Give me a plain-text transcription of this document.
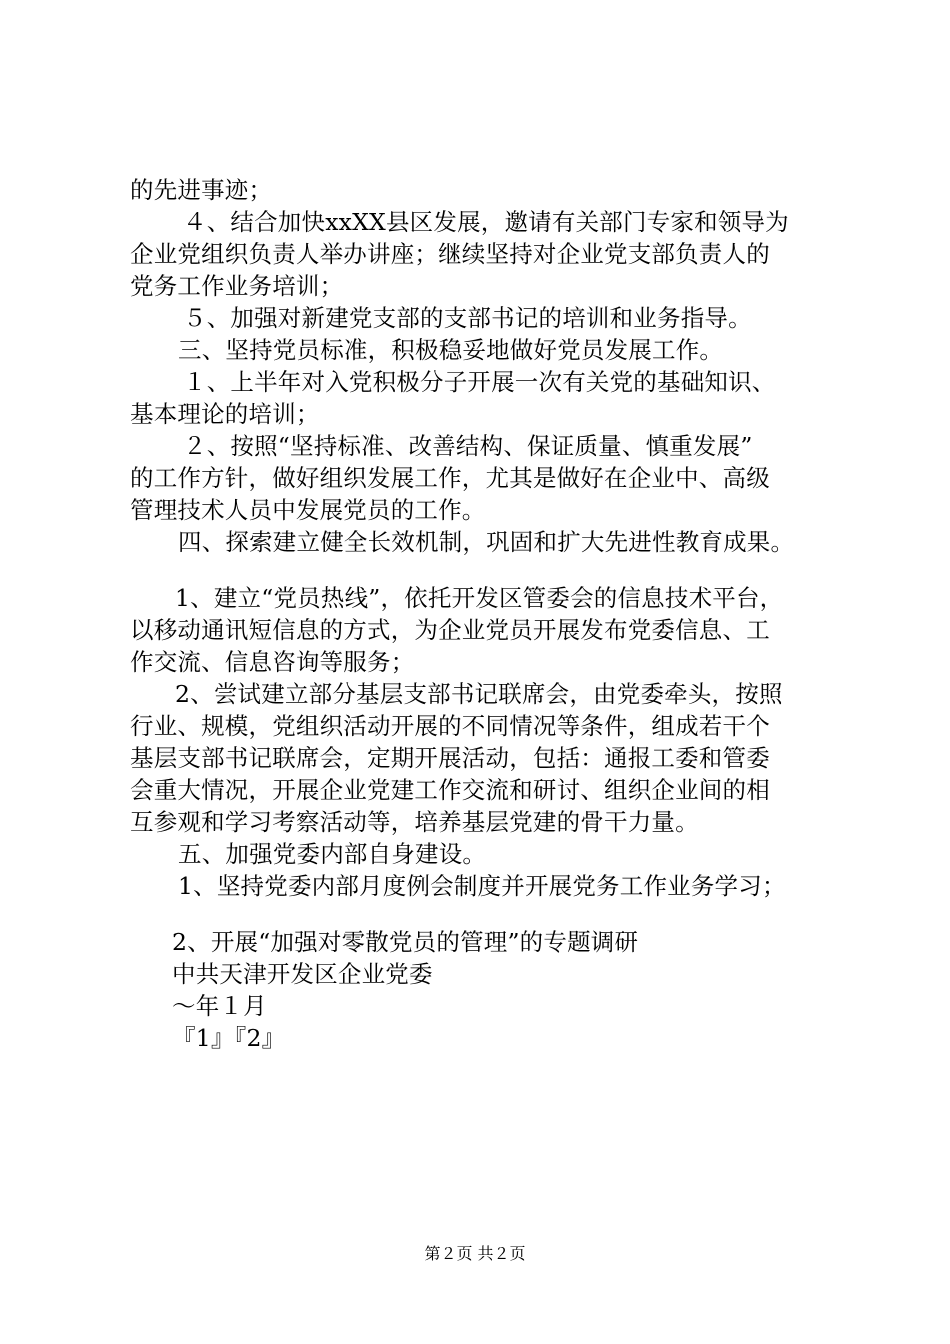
的先进事迹；
４、结合加快xxXX县区发展，邀请有关部门专家和领导为
企业党组织负责人举办讲座；继续坚持对企业党支部负责人的
党务工作业务培训；
５、加强对新建党支部的支部书记的培训和业务指导。
三、坚持党员标准，积极稳妥地做好党员发展工作。
１、上半年对入党积极分子开展一次有关党的基础知识、
基本理论的培训；
２、按照“坚持标准、改善结构、保证质量、慎重发展”
的工作方针，做好组织发展工作，尤其是做好在企业中、高级
管理技术人员中发展党员的工作。
四、探索建立健全长效机制，巩固和扩大先进性教育成果。
1、建立“党员热线”，依托开发区管委会的信息技术平台，
以移动通讯短信息的方式，为企业党员开展发布党委信息、工
作交流、信息咨询等服务；
2、尝试建立部分基层支部书记联席会，由党委牵头，按照
行业、规模，党组织活动开展的不同情况等条件，组成若干个
基层支部书记联席会，定期开展活动，包括：通报工委和管委
会重大情况，开展企业党建工作交流和研讨、组织企业间的相
互参观和学习考察活动等，培养基层党建的骨干力量。
五、加强党委内部自身建设。
1、坚持党委内部月度例会制度并开展党务工作业务学习；
2、开展“加强对零散党员的管理”的专题调研
中共天津开发区企业党委
～年１月
『1』『2』
第２页 共２页
